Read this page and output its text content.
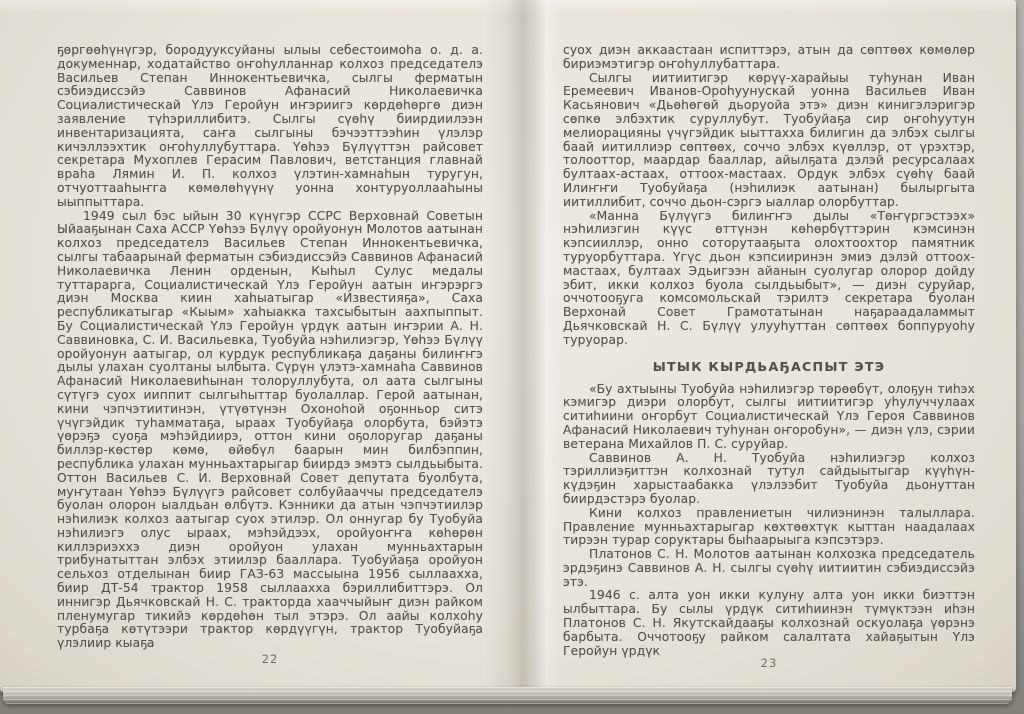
ҕөргөөһүнүгэр, бородууксуйаны ылыы себестоимоһа о. д. а. докуменнар, ходатайство оҥоһулланнар колхоз председателэ Васильев Степан Иннокентьевичка, сылгы ферматын сэбиэдиссэйэ Саввинов Афанасий Николаевичка Социалистическай Үлэ Геройун иҥэриигэ көрдөһөргө диэн заявление түһэриллибитэ. Сылгы сүөһү биирдиилээн инвентаризацията, саҥа сылгыны бэчээттээһин үлэлэр кичэллээхтик оҥоһуллубуттара. Үөһээ Бүлүүттэн райсовет секретара Мухоплев Герасим Павлович, ветстанция главнай враһа Лямин И. П. колхоз үлэтин-хамнаһын туругун, отчуоттааһыҥга көмөлөһүүнү уонна хонтуруоллааһыны ыыппыттара.

1949 сыл бэс ыйын 30 күнүгэр ССРС Верховнай Советын Ыйааҕынан Саха АССР Үөһээ Бүлүү оройуонун Молотов аатынан колхоз председателэ Васильев Степан Иннокентьевичка, сылгы табаарынай ферматын сэбиэдиссэйэ Саввинов Афанасий Николаевичка Ленин орденын, Кыһыл Сулус медалы туттарарга, Социалистическай Үлэ Геройун аатын иҥэрэргэ диэн Москва киин хаһыатыгар «Известияҕа», Саха республикатыгар «Кыым» хаһыакка тахсыбытын аахпыппыт. Бу Социалистическай Үлэ Геройун үрдүк аатын иҥэрии А. Н. Саввиновка, С. И. Васильевка, Туобуйа нэһилиэгэр, Үөһээ Бүлүү оройуонун аатыгар, ол курдук республикаҕа даҕаны билиҥҥэ дылы улахан суолтаны ылбыта. Сүрүн үлэтэ-хамнаһа Саввинов Афанасий Николаевиһынан толоруллубута, ол аата сылгыны сүтүгэ суох ииппит сылгыһыттар буолаллар. Герой аатынан, кини чэпчэтиитинэн, үтүөтүнэн Охоноһой оҕонньор ситэ үчүгэйдик туһамматаҕа, ыраах Туобуйаҕа олорбута, бэйэтэ үөрэҕэ суоҕа мэһэйдиирэ, оттон кини оҕолоругар даҕаны биллэр-көстөр көмө, өйөбүл баарын мин билбэппин, республика улахан мунньахтарыгар биирдэ эмэтэ сылдьыбыта. Оттон Васильев С. И. Верховнай Совет депутата буолбута, муҥутаан Үөһээ Бүлүүгэ райсовет солбуйааччы председателэ буолан олорон ыалдьан өлбүтэ. Кэнники да атын чэпчэтиилэр нэһилиэк колхоз аатыгар суох этилэр. Ол оннугар бу Туобуйа нэһилиэгэ олус ыраах, мэһэйдээх, оройуоҥҥа көһөрөн киллэриэххэ диэн оройуон улахан мунньахтарын трибунатыттан элбэх этиилэр бааллара. Туобуйаҕа оройуон сельхоз отделынан биир ГАЗ-63 массыына 1956 сыллаахха, биир ДТ-54 трактор 1958 сыллаахха бэриллибиттэрэ. Ол иннигэр Дьячковскай Н. С. тракторда хааччыйыҥ диэн райком пленумугар тикийэ көрдөһөн тыл этэрэ. Ол аайы колхоһу турбаҕа көтүтээри трактор көрдүүгүн, трактор Туобуйаҕа үлэлиир кыаҕа

суох диэн аккаастаан испиттэрэ, атын да сөптөөх көмөлөр бириэмэтигэр оҥоһуллубаттара.

Сылгы иитиитигэр көрүү-харайыы туһунан Иван Еремеевич Иванов-Ороһуунускай уонна Васильев Иван Касьянович «Дьөһөгөй дьоруойа этэ» диэн кинигэлэригэр сөпкө элбэхтик суруллубут. Туобуйаҕа сир оҥоһуутун мелиорацияны үчүгэйдик ыыттахха билигин да элбэх сылгы баай иитиллиэр сөптөөх, соччо элбэх күөллэр, от үрэхтэр, толооттор, маардар бааллар, айылҕата дэлэй ресурсалаах бултаах-астаах, оттоох-мастаах. Ордук элбэх сүөһү баай Илиҥҥи Туобуйаҕа (нэһилиэк аатынан) былыргыта иитиллибит, соччо дьон-сэргэ ыаллар олорбуттар.

«Манна Бүлүүгэ билиҥҥэ дылы «Төҥүргэстээх» нэһилиэгин күүс өттүнэн көһөрбүттэрин кэмсинэн кэпсииллэр, онно соторутааҕыта олохтоохтор памятник туруорбуттара. Үгүс дьон кэпсииринэн эмиэ дэлэй оттоох-мастаах, бултаах Эдьигээн айанын суолугар олорор дойду эбит, икки колхоз буола сылдьыбыт», — диэн суруйар, оччотооҕуга комсомольскай тэрилтэ секретара буолан Верхонай Совет Грамотатынан наҕараадаламмыт Дьячковскай Н. С. Бүлүү улууһуттан сөптөөх боппуруоһу туруорар.

ЫТЫК КЫРДЬАҔАСПЫТ ЭТЭ

«Бу ахтыыны Туобуйа нэһилиэгэр төрөөбүт, олоҕун тиһэх кэмигэр диэри олорбут, сылгы иитиитигэр уһулуччулаах ситиһиини оҥорбут Социалистическай Үлэ Героя Саввинов Афанасий Николаевич туһунан оҥоробун», — диэн үлэ, сэрии ветерана Михайлов П. С. суруйар.

Саввинов А. Н. Туобуйа нэһилиэгэр колхоз тэриллиэҕиттэн колхознай тутул сайдыытыгар күүһүн-күдэҕин харыстаабакка үлэлээбит Туобуйа дьонуттан биирдэстэрэ буолар.

Кини колхоз правлениетын чилиэнинэн талыллара. Правление мунньахтарыгар көхтөөхтүк кыттан наадалаах тирээн турар соруктары быһаарыыга кэпсэтэрэ.

Платонов С. Н. Молотов аатынан колхозка председатель эрдэҕинэ Саввинов А. Н. сылгы сүөһү иитиитин сэбиэдиссэйэ этэ.

1946 с. алта уон икки кулуну алта уон икки биэттэн ылбыттара. Бу сылы үрдүк ситиһиинэн түмүктээн иһэн Платонов С. Н. Якутскайдааҕы колхознай оскуолаҕа үөрэнэ барбыта. Оччотооҕу райком салалтата хайаҕытын Үлэ Геройун үрдүк

22	23
